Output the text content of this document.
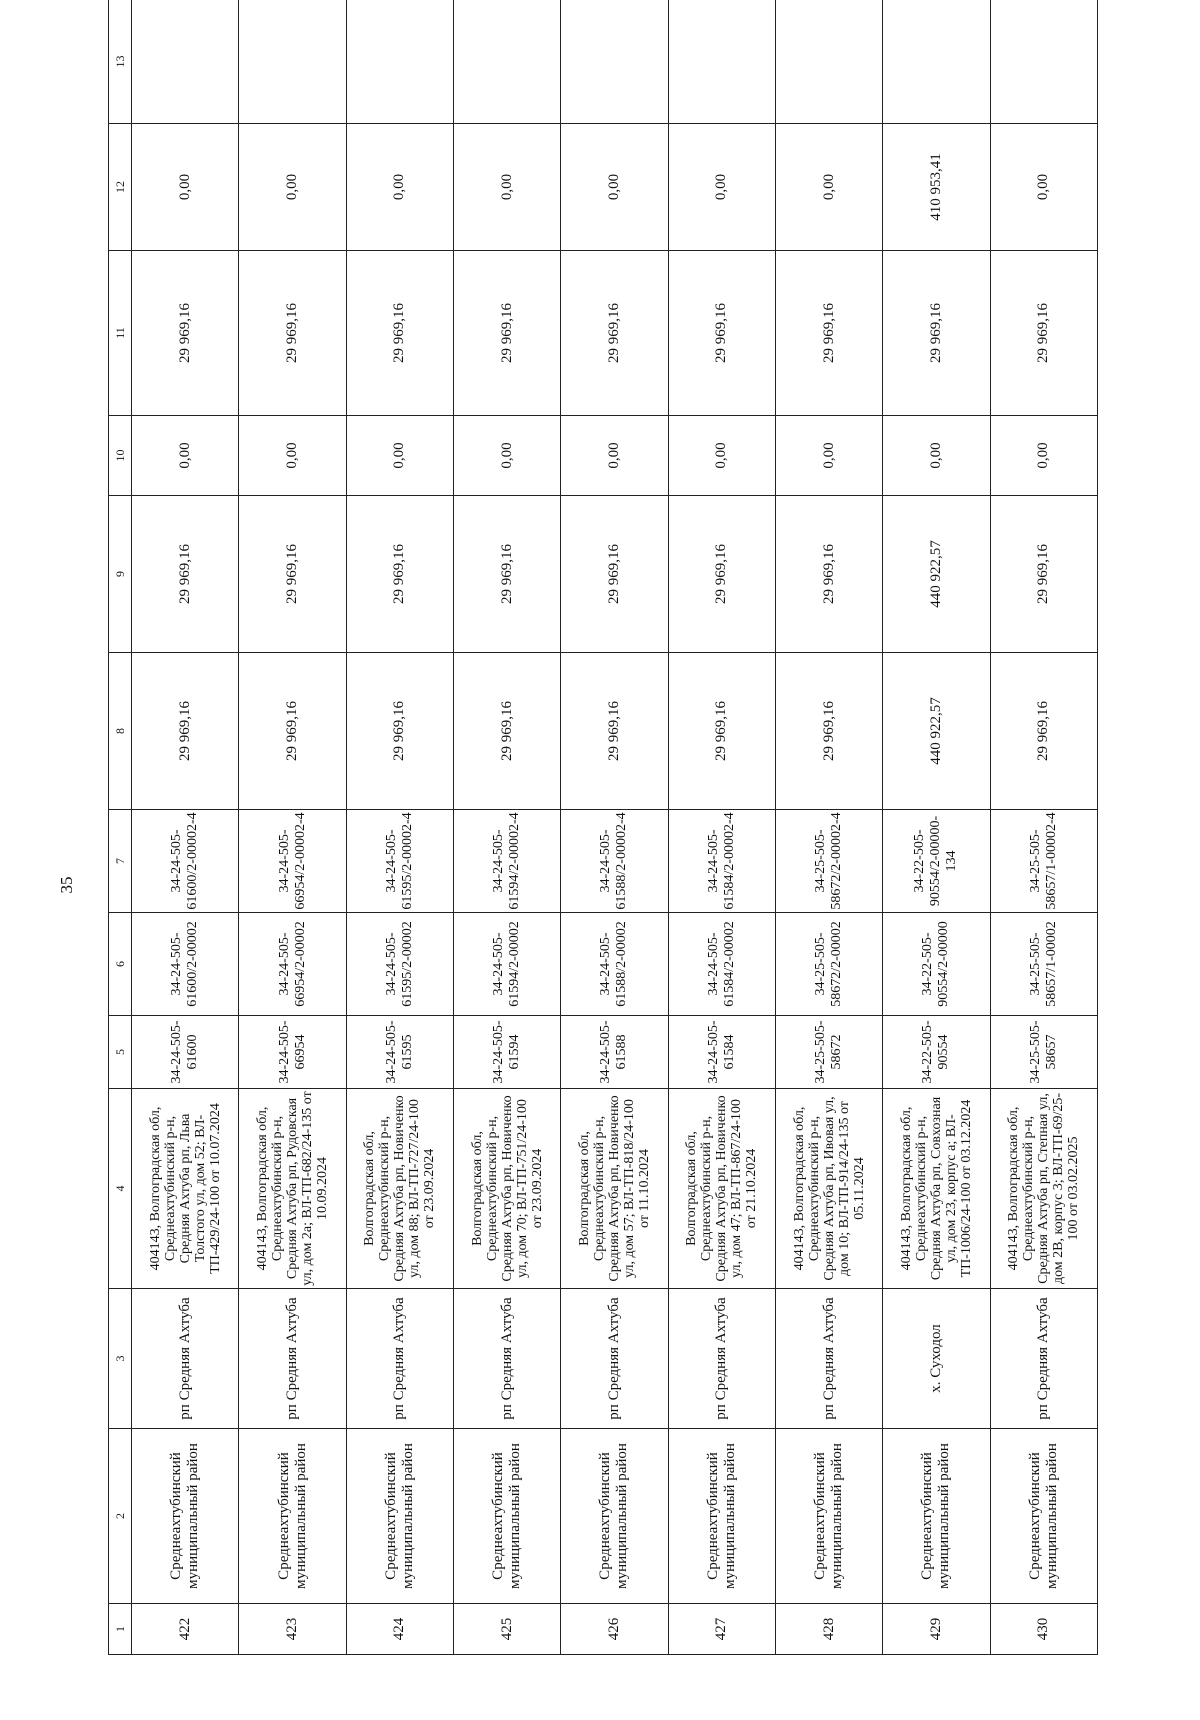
35
1	2	3	4	5	6	7	8	9	10	11	12	13
422	Среднеахтубинский муниципальный район	рп Средняя Ахтуба	404143, Волгоградская обл, Среднеахтубинский р-н, Средняя Ахтуба рп, Льва Толстого ул, дом 52; ВЛ-ТП-429/24-100 от 10.07.2024	34-24-505-61600	34-24-505-61600/2-00002	34-24-505-61600/2-00002-4	29 969,16	29 969,16	0,00	29 969,16	0,00	
423	Среднеахтубинский муниципальный район	рп Средняя Ахтуба	404143, Волгоградская обл, Среднеахтубинский р-н, Средняя Ахтуба рп, Рудовская ул, дом 2а; ВЛ-ТП-682/24-135 от 10.09.2024	34-24-505-66954	34-24-505-66954/2-00002	34-24-505-66954/2-00002-4	29 969,16	29 969,16	0,00	29 969,16	0,00	
424	Среднеахтубинский муниципальный район	рп Средняя Ахтуба	Волгоградская обл, Среднеахтубинский р-н, Средняя Ахтуба рп, Новиченко ул, дом 88; ВЛ-ТП-727/24-100 от 23.09.2024	34-24-505-61595	34-24-505-61595/2-00002	34-24-505-61595/2-00002-4	29 969,16	29 969,16	0,00	29 969,16	0,00	
425	Среднеахтубинский муниципальный район	рп Средняя Ахтуба	Волгоградская обл, Среднеахтубинский р-н, Средняя Ахтуба рп, Новиченко ул, дом 70; ВЛ-ТП-751/24-100 от 23.09.2024	34-24-505-61594	34-24-505-61594/2-00002	34-24-505-61594/2-00002-4	29 969,16	29 969,16	0,00	29 969,16	0,00	
426	Среднеахтубинский муниципальный район	рп Средняя Ахтуба	Волгоградская обл, Среднеахтубинский р-н, Средняя Ахтуба рп, Новиченко ул, дом 57; ВЛ-ТП-818/24-100 от 11.10.2024	34-24-505-61588	34-24-505-61588/2-00002	34-24-505-61588/2-00002-4	29 969,16	29 969,16	0,00	29 969,16	0,00	
427	Среднеахтубинский муниципальный район	рп Средняя Ахтуба	Волгоградская обл, Среднеахтубинский р-н, Средняя Ахтуба рп, Новиченко ул, дом 47; ВЛ-ТП-867/24-100 от 21.10.2024	34-24-505-61584	34-24-505-61584/2-00002	34-24-505-61584/2-00002-4	29 969,16	29 969,16	0,00	29 969,16	0,00	
428	Среднеахтубинский муниципальный район	рп Средняя Ахтуба	404143, Волгоградская обл, Среднеахтубинский р-н, Средняя Ахтуба рп, Ивовая ул, дом 10; ВЛ-ТП-914/24-135 от 05.11.2024	34-25-505-58672	34-25-505-58672/2-00002	34-25-505-58672/2-00002-4	29 969,16	29 969,16	0,00	29 969,16	0,00	
429	Среднеахтубинский муниципальный район	х. Суходол	404143, Волгоградская обл, Среднеахтубинский р-н, Средняя Ахтуба рп, Совхозная ул, дом 23, корпус а; ВЛ-ТП-1006/24-100 от 03.12.2024	34-22-505-90554	34-22-505-90554/2-00000	34-22-505-90554/2-00000-134	440 922,57	440 922,57	0,00	29 969,16	410 953,41	
430	Среднеахтубинский муниципальный район	рп Средняя Ахтуба	404143, Волгоградская обл, Среднеахтубинский р-н, Средняя Ахтуба рп, Степная ул, дом 2В, корпус 3; ВЛ-ТП-69/25-100 от 03.02.2025	34-25-505-58657	34-25-505-58657/1-00002	34-25-505-58657/1-00002-4	29 969,16	29 969,16	0,00	29 969,16	0,00	
